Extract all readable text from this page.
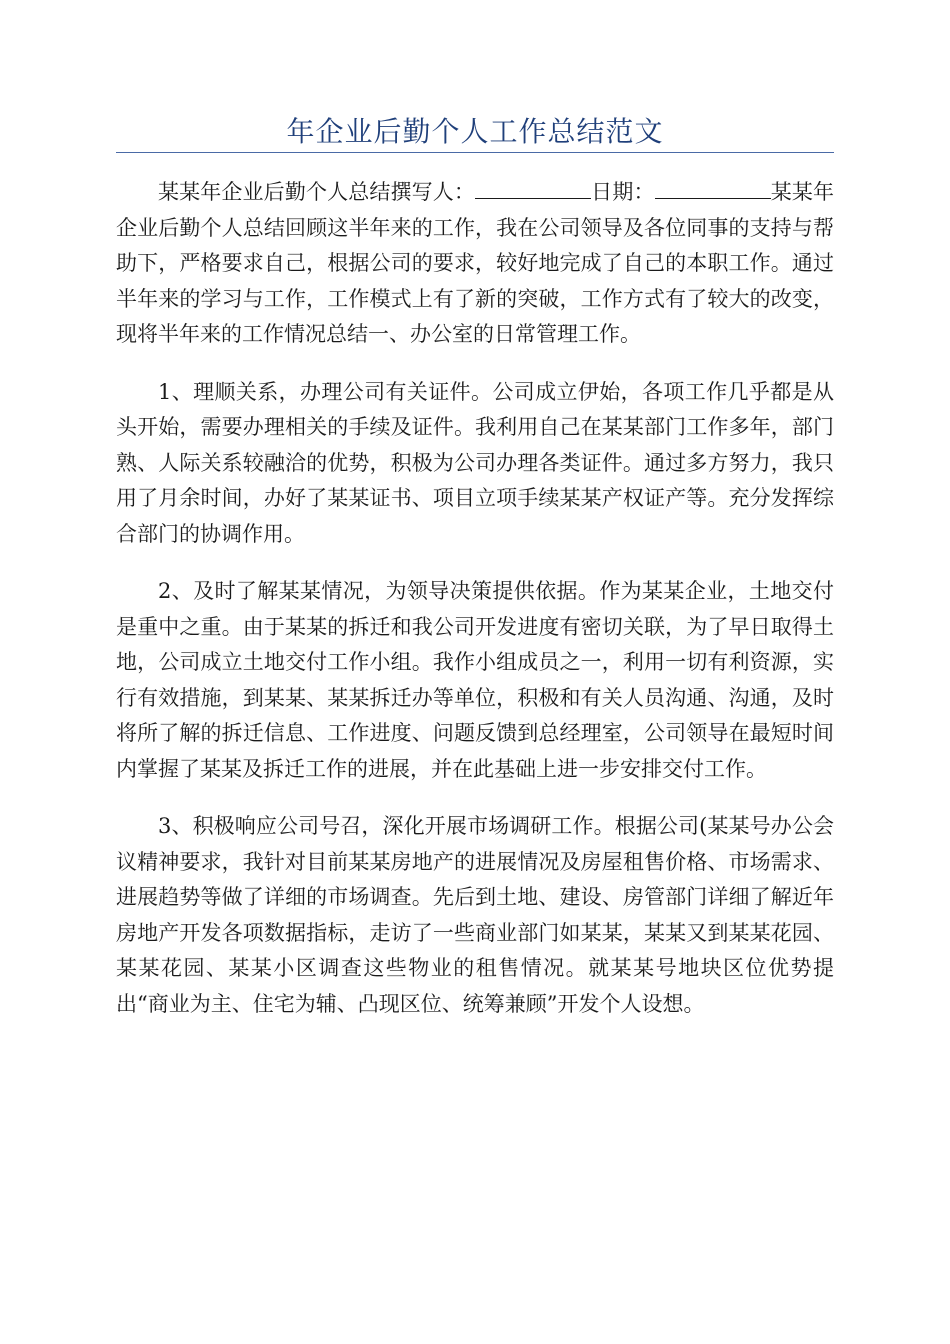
年企业后勤个人工作总结范文

某某年企业后勤个人总结撰写人：	日期：	某某年企业后勤个人总结回顾这半年来的工作，我在公司领导及各位同事的支持与帮助下，严格要求自己，根据公司的要求，较好地完成了自己的本职工作。通过半年来的学习与工作，工作模式上有了新的突破，工作方式有了较大的改变，现将半年来的工作情况总结一、办公室的日常管理工作。

1、理顺关系，办理公司有关证件。公司成立伊始，各项工作几乎都是从头开始，需要办理相关的手续及证件。我利用自己在某某部门工作多年，部门熟、人际关系较融洽的优势，积极为公司办理各类证件。通过多方努力，我只用了月余时间，办好了某某证书、项目立项手续某某产权证产等。充分发挥综合部门的协调作用。

2、及时了解某某情况，为领导决策提供依据。作为某某企业，土地交付是重中之重。由于某某的拆迁和我公司开发进度有密切关联，为了早日取得土地，公司成立土地交付工作小组。我作小组成员之一，利用一切有利资源，实行有效措施，到某某、某某拆迁办等单位，积极和有关人员沟通、沟通，及时将所了解的拆迁信息、工作进度、问题反馈到总经理室，公司领导在最短时间内掌握了某某及拆迁工作的进展，并在此基础上进一步安排交付工作。

3、积极响应公司号召，深化开展市场调研工作。根据公司(某某号办公会议精神要求，我针对目前某某房地产的进展情况及房屋租售价格、市场需求、进展趋势等做了详细的市场调查。先后到土地、建设、房管部门详细了解近年房地产开发各项数据指标，走访了一些商业部门如某某，某某又到某某花园、某某花园、某某小区调查这些物业的租售情况。就某某号地块区位优势提出“商业为主、住宅为辅、凸现区位、统筹兼顾”开发个人设想。
